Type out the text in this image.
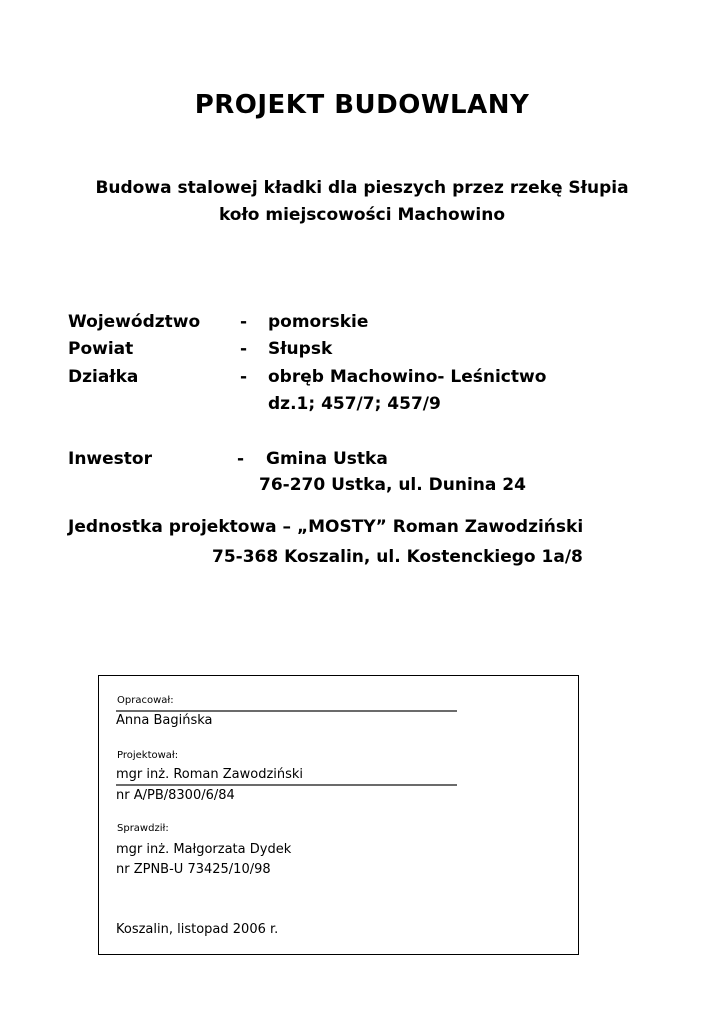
PROJEKT BUDOWLANY
Budowa stalowej kładki dla pieszych przez rzekę Słupia
koło miejscowości Machowino
Województwo - pomorskie
Powiat	- Słupsk
Działka	- obręb Machowino- Leśnictwo
dz.1; 457/7; 457/9
Inwestor	- Gmina Ustka
76-270 Ustka, ul. Dunina 24
Jednostka projektowa – „MOSTY” Roman Zawodziński
75-368 Koszalin, ul. Kostenckiego 1a/8
Opracował:
Anna Bagińska
Projektował:
mgr inż. Roman Zawodziński
nr A/PB/8300/6/84
Sprawdził:
mgr inż. Małgorzata Dydek
nr ZPNB-U 73425/10/98
Koszalin, listopad 2006 r.
